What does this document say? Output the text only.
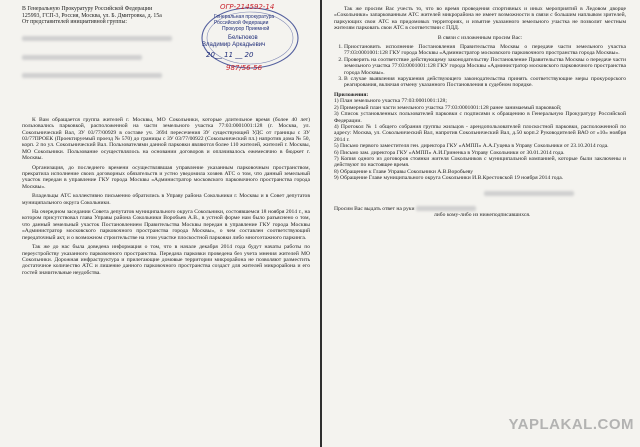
В Генеральную Прокуратуру Российской Федерации

125993, ГСП-3, Россия, Москва, ул. Б. Дмитровка, д. 15а

От представителей инициативной группы:

ОГР-214592-14
Генеральная прокуратура
Российской Федерации
Прокурор Приемной
Бельтюков
Владимир Аркадьевич
20__ 11 __ 20
987/56-56

К Вам обращается группа жителей г. Москвы, МО Сокольники, которые длительное время (более 40 лет) пользовались парковкой, расположенной на части земельного участка 77:03:0001001:128 (г. Москва, ул. Сокольнический Вал, ЗУ 03/77/00929 в составе уч. 3694 пересечения ЗУ существующей УДС от границы с ЗУ 03/77ПРОЕК (Проектируемый проезд № 570) до границы с ЗУ 03/77/00922 (Сокольнический пл.) напротив дома № 50, корп. 2 по ул. Сокольнический Вал. Пользователями данной парковки являются более 110 жителей, жителей г. Москвы, МО Сокольники. Пользование осуществлялось на основании договоров и оплачивалось ежемесячно в бюджет г. Москвы.

Организация, до последнего времени осуществлявшая управление указанным парковочным пространством, прекратила исполнение своих договорных обязательств и устно уведомила хозяев АТС о том, что данный земельный участок передан в управление ГКУ города Москвы «Администратор московского парковочного пространства города Москвы».

Владельцы АТС коллективно письменно обратились в Управу района Сокольники г. Москвы и в Совет депутатов муниципального округа Сокольники.

На очередном заседании Совета депутатов муниципального округа Сокольники, состоявшемся 18 ноября 2014 г., на котором присутствовал глава Управы района Сокольники Воробьев А.В., в устной форме нам было разъяснено о том, что данный земельный участок Постановлением Правительства Москвы передан в управление ГКУ города Москвы «Администратор московского парковочного пространства города Москвы», о чем составлен соответствующий передаточный акт, и о возможном строительстве на этом участке плоскостной парковки либо многоэтажного паркинга.

Так же до нас была доведена информация о том, что в начале декабря 2014 года будут начаты работы по переустройству указанного парковочного пространства. Передача парковки проведена без учета мнения жителей МО Сокольники. Дорожная инфраструктура и прилегающие домовые территории микрорайона не позволяют разместить достаточное количество АТС и лишение данного парковочного пространства создаст для жителей микрорайона и его гостей значительные неудобства.

Так же просим Вас учесть то, что во время проведения спортивных и иных мероприятий в Ледовом дворце «Сокольники» запаркованным АТС жителей микрорайона не имеет возможности в связи с большим наплывом зрителей, паркующих свои АТС на придомовых территориях, и изъятие указанного земельного участка не позволит местным жителям парковать свои АТС в соответствии с ПДД.

В связи с изложенным просим Вас:

1. Приостановить исполнение Постановления Правительства Москвы о передаче части земельного участка 77:03:0001001:128 ГКУ города Москвы «Администратор московского парковочного пространства города Москвы».
2. Проверить на соответствие действующему законодательству Постановление Правительства Москвы о передаче части земельного участка 77:03:0001001:128 ГКУ города Москвы «Администратор московского парковочного пространства города Москвы».
3. В случае выявления нарушения действующего законодательства принять соответствующие меры прокурорского реагирования, включая отмену указанного Постановления в судебном порядке.

Приложения:

1) План земельного участка 77:03:0001001:128;

2) Примерный план части земельного участка 77:03:0001001:128 ранее занимаемый парковкой;

3) Список установленных пользователей парковки с подписями к обращению в Генеральную Прокуратуру Российской Федерации.

4) Протокол № 1 общего собрания группы жильцов - арендопользователей плоскостной парковки, расположенной по адресу: Москва, ул. Сокольнический Вал, напротив Сокольнический Вал, д.50 корп.2 Руководителей ВАО от «10» ноября 2014 г.

5) Письмо первого заместителя ген. директора ГКУ «АМПП» А.А.Гуцева в Управу Сокольники от 23.10.2014 года.

6) Письмо зам. директора ГКУ «АМПП» А.И.Гриненка в Управу Сокольники от 30.01.2014 года.

7) Копия одного из договоров стоянки жителя Сокольников с муниципальной компанией, которые были заключены и действуют по настоящее время.

8) Обращение к Главе Управы Сокольники А.В.Воробьеву

9) Обращение Главе муниципального округа Сокольники И.В.Крестовской 19 ноября 2014 года.

Просим Вас выдать ответ на руки

либо кому-либо из нижеподписавшихся.

YAPLAKAL.COM
